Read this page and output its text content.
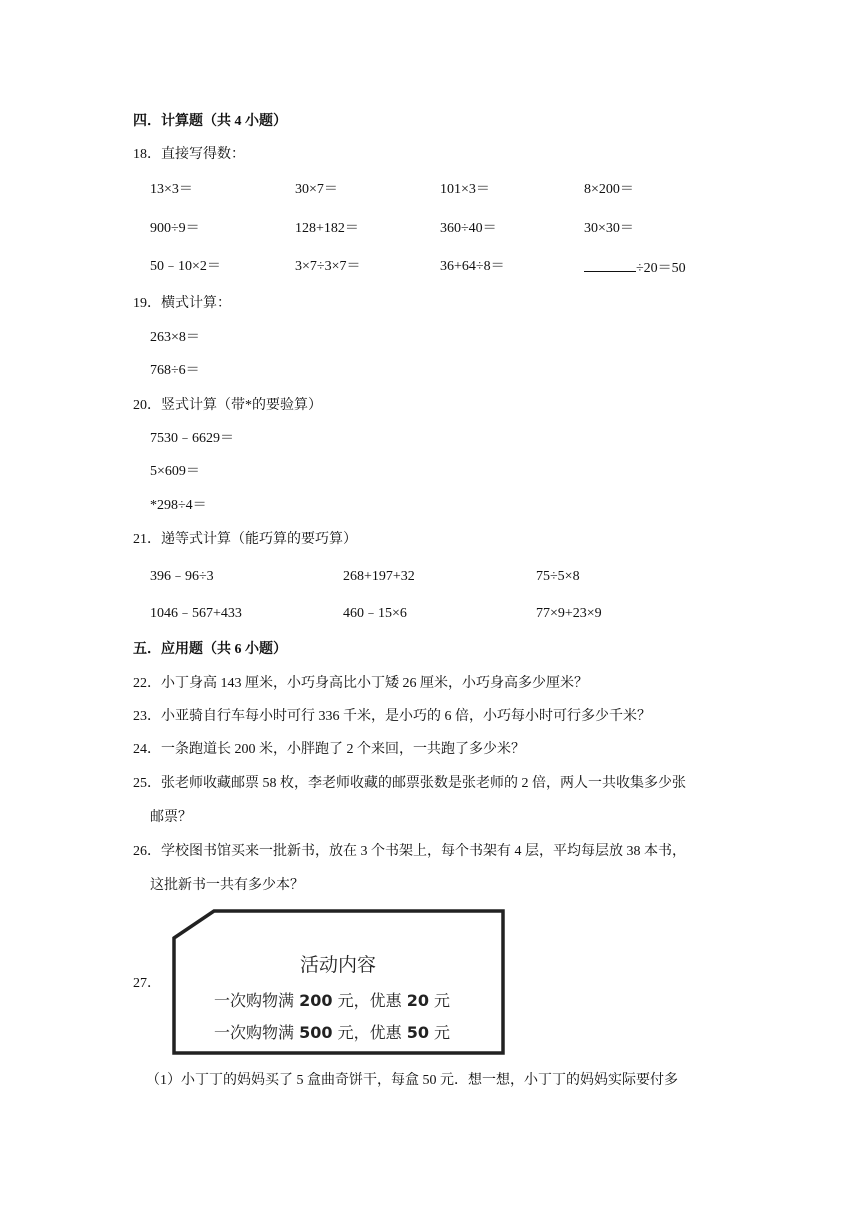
四．计算题（共 4 小题）
18．直接写得数：
13×3＝	30×7＝	101×3＝	8×200＝
900÷9＝	128+182＝	360÷40＝	30×30＝
50﹣10×2＝	3×7÷3×7＝	36+64÷8＝	÷20＝50
19．横式计算：
263×8＝
768÷6＝
20．竖式计算（带*的要验算）
7530﹣6629＝
5×609＝
*298÷4＝
21．递等式计算（能巧算的要巧算）
396﹣96÷3	268+197+32	75÷5×8
1046﹣567+433	460﹣15×6	77×9+23×9
五．应用题（共 6 小题）
22．小丁身高 143 厘米，小巧身高比小丁矮 26 厘米，小巧身高多少厘米？
23．小亚骑自行车每小时可行 336 千米，是小巧的 6 倍，小巧每小时可行多少千米？
24．一条跑道长 200 米，小胖跑了 2 个来回，一共跑了多少米？
25．张老师收藏邮票 58 枚，李老师收藏的邮票张数是张老师的 2 倍，两人一共收集多少张
邮票？
26．学校图书馆买来一批新书，放在 3 个书架上，每个书架有 4 层，平均每层放 38 本书，
这批新书一共有多少本？
27．
活动内容
一次购物满 200 元，优惠 20 元
一次购物满 500 元，优惠 50 元
（1）小丁丁的妈妈买了 5 盒曲奇饼干，每盒 50 元．想一想，小丁丁的妈妈实际要付多
